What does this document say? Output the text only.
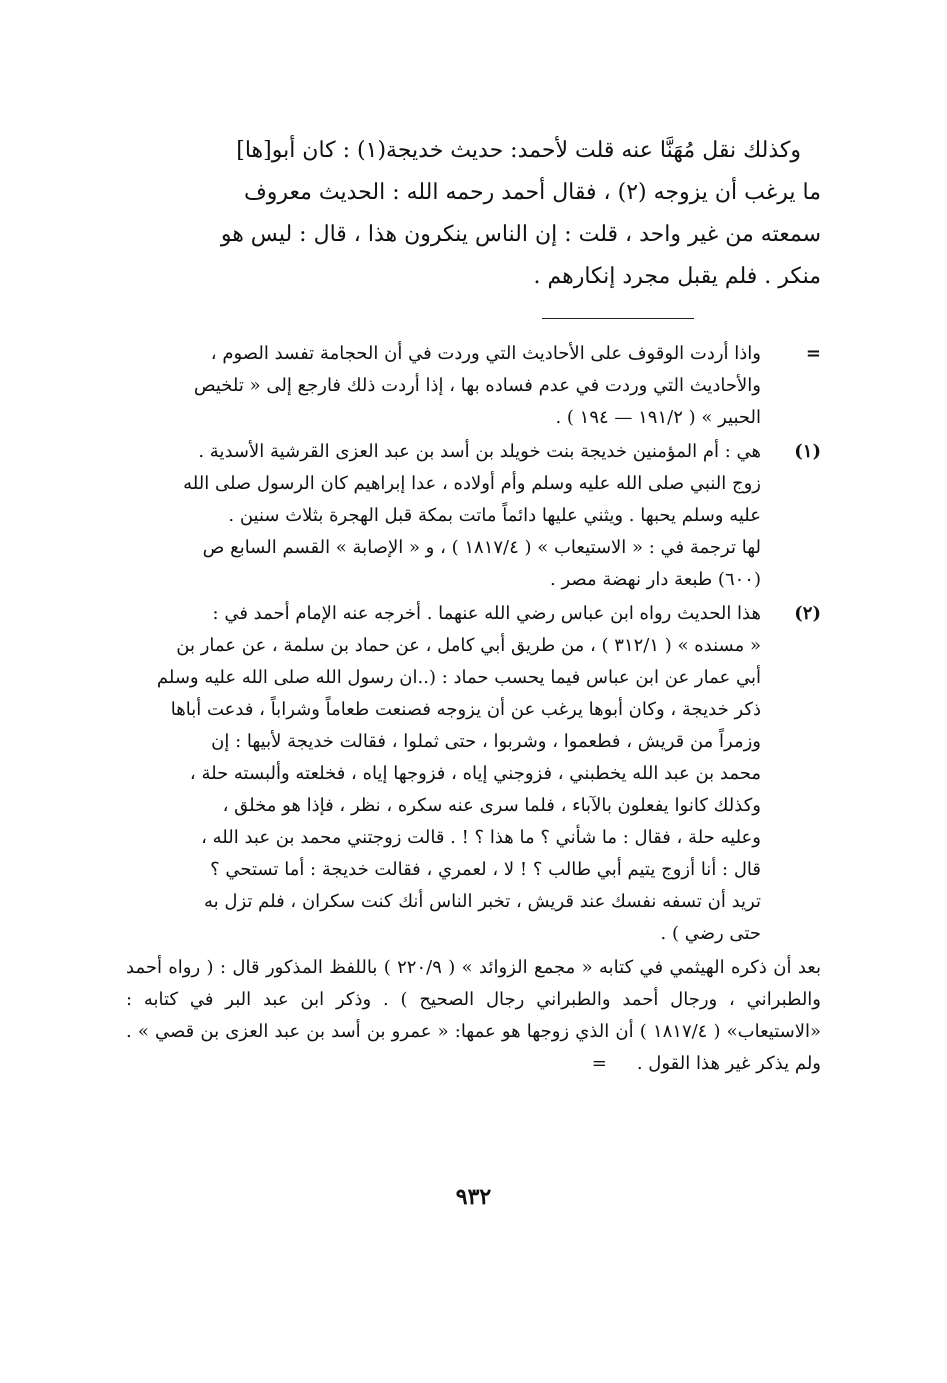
وكذلك نقل مُهَنَّا عنه قلت لأحمد: حديث خديجة(١) : كان أبو[ها]

ما يرغب أن يزوجه (٢) ، فقال أحمد رحمه الله : الحديث معروف

سمعته من غير واحد ، قلت : إن الناس ينكرون هذا ، قال : ليس هو

منكر . فلم يقبل مجرد إنكارهم .

=
واذا أردت الوقوف على الأحاديث التي وردت في أن الحجامة تفسد الصوم ،
والأحاديث التي وردت في عدم فساده بها ، إذا أردت ذلك فارجع إلى « تلخيص
الحبير » ( ١٩١/٢ — ١٩٤ ) .
(١)
هي : أم المؤمنين خديجة بنت خويلد بن أسد بن عبد العزى القرشية الأسدية .
زوج النبي صلى الله عليه وسلم وأم أولاده ، عدا إبراهيم كان الرسول صلى الله
عليه وسلم يحبها . ويثني عليها دائماً ماتت بمكة قبل الهجرة بثلاث سنين .
لها ترجمة في : « الاستيعاب » ( ١٨١٧/٤ ) ، و « الإصابة » القسم السابع ص
(٦٠٠) طبعة دار نهضة مصر .
(٢)
هذا الحديث رواه ابن عباس رضي الله عنهما . أخرجه عنه الإمام أحمد في :
« مسنده » ( ٣١٢/١ ) ، من طريق أبي كامل ، عن حماد بن سلمة ، عن عمار بن
أبي عمار عن ابن عباس فيما يحسب حماد : (..ان رسول الله صلى الله عليه وسلم
ذكر خديجة ، وكان أبوها يرغب عن أن يزوجه فصنعت طعاماً وشراباً ، فدعت أباها
وزمراً من قريش ، فطعموا ، وشربوا ، حتى ثملوا ، فقالت خديجة لأبيها : إن
محمد بن عبد الله يخطبني ، فزوجني إياه ، فزوجها إياه ، فخلعته وألبسته حلة ،
وكذلك كانوا يفعلون بالآباء ، فلما سرى عنه سكره ، نظر ، فإذا هو مخلق ،
وعليه حلة ، فقال : ما شأني ؟ ما هذا ؟ ! . قالت زوجتني محمد بن عبد الله ،
قال : أنا أزوج يتيم أبي طالب ؟ ! لا ، لعمري ، فقالت خديجة : أما تستحي ؟
تريد أن تسفه نفسك عند قريش ، تخبر الناس أنك كنت سكران ، فلم تزل به
حتى رضي ) .
بعد أن ذكره الهيثمي في كتابه « مجمع الزوائد » ( ٢٢٠/٩ ) باللفظ المذكور قال : ( رواه أحمد والطبراني ، ورجال أحمد والطبراني رجال الصحيح ) . وذكر ابن عبد البر في كتابه : «الاستيعاب» ( ١٨١٧/٤ ) أن الذي زوجها هو عمها: « عمرو بن أسد بن عبد العزى بن قصي » . ولم يذكر غير هذا القول .=
٩٣٢
